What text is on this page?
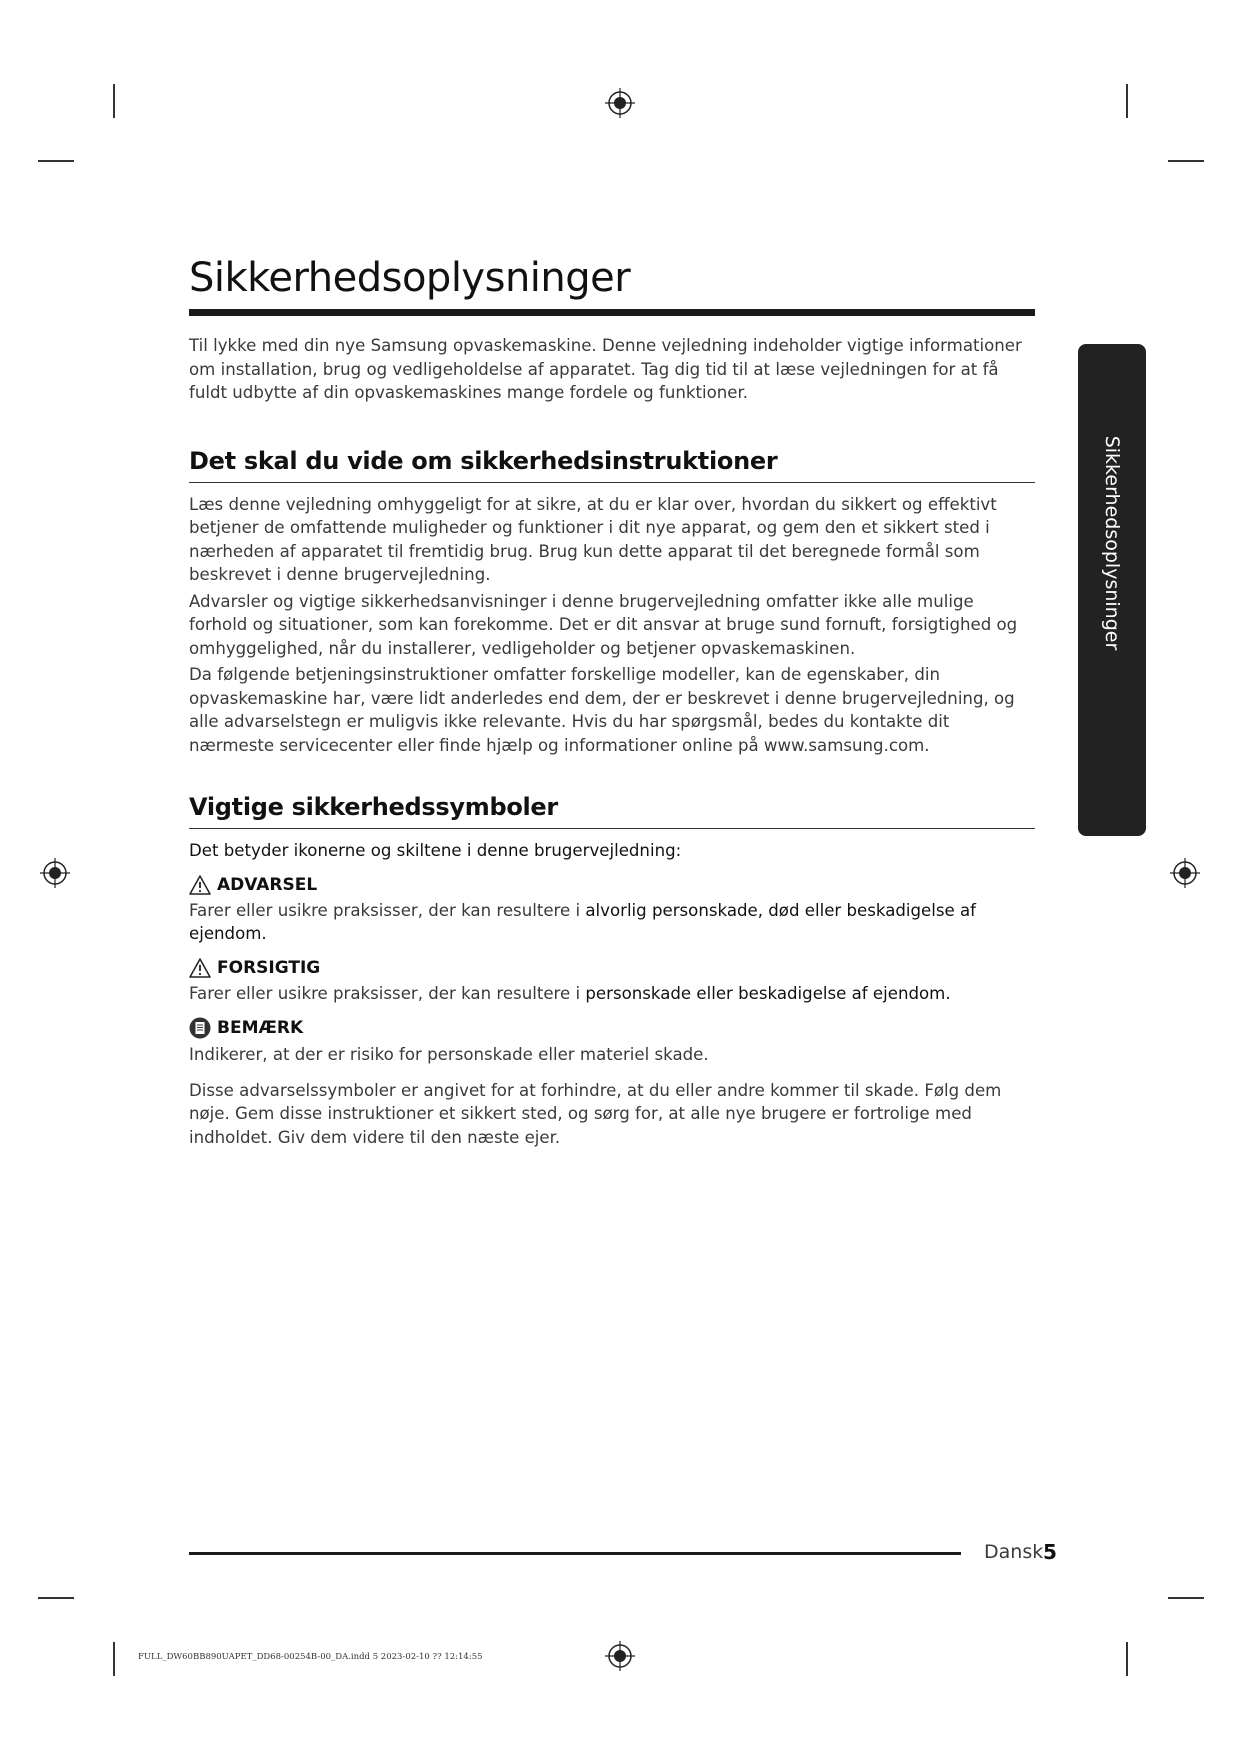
Sikkerhedsoplysninger

Til lykke med din nye Samsung opvaskemaskine. Denne vejledning indeholder vigtige informationer om installation, brug og vedligeholdelse af apparatet. Tag dig tid til at læse vejledningen for at få fuldt udbytte af din opvaskemaskines mange fordele og funktioner.

Det skal du vide om sikkerhedsinstruktioner

Læs denne vejledning omhyggeligt for at sikre, at du er klar over, hvordan du sikkert og effektivt betjener de omfattende muligheder og funktioner i dit nye apparat, og gem den et sikkert sted i nærheden af apparatet til fremtidig brug. Brug kun dette apparat til det beregnede formål som beskrevet i denne brugervejledning.

Advarsler og vigtige sikkerhedsanvisninger i denne brugervejledning omfatter ikke alle mulige forhold og situationer, som kan forekomme. Det er dit ansvar at bruge sund fornuft, forsigtighed og omhyggelighed, når du installerer, vedligeholder og betjener opvaskemaskinen.

Da følgende betjeningsinstruktioner omfatter forskellige modeller, kan de egenskaber, din opvaskemaskine har, være lidt anderledes end dem, der er beskrevet i denne brugervejledning, og alle advarselstegn er muligvis ikke relevante. Hvis du har spørgsmål, bedes du kontakte dit nærmeste servicecenter eller finde hjælp og informationer online på www.samsung.com.

Vigtige sikkerhedssymboler

Det betyder ikonerne og skiltene i denne brugervejledning:

ADVARSEL

Farer eller usikre praksisser, der kan resultere i alvorlig personskade, død eller beskadigelse af ejendom.

FORSIGTIG

Farer eller usikre praksisser, der kan resultere i personskade eller beskadigelse af ejendom.

BEMÆRK

Indikerer, at der er risiko for personskade eller materiel skade.

Disse advarselssymboler er angivet for at forhindre, at du eller andre kommer til skade. Følg dem nøje. Gem disse instruktioner et sikkert sted, og sørg for, at alle nye brugere er fortrolige med indholdet. Giv dem videre til den næste ejer.

Sikkerhedsoplysninger
Dansk 5
FULL_DW60BB890UAPET_DD68-00254B-00_DA.indd 5 2023-02-10 ?? 12:14:55
